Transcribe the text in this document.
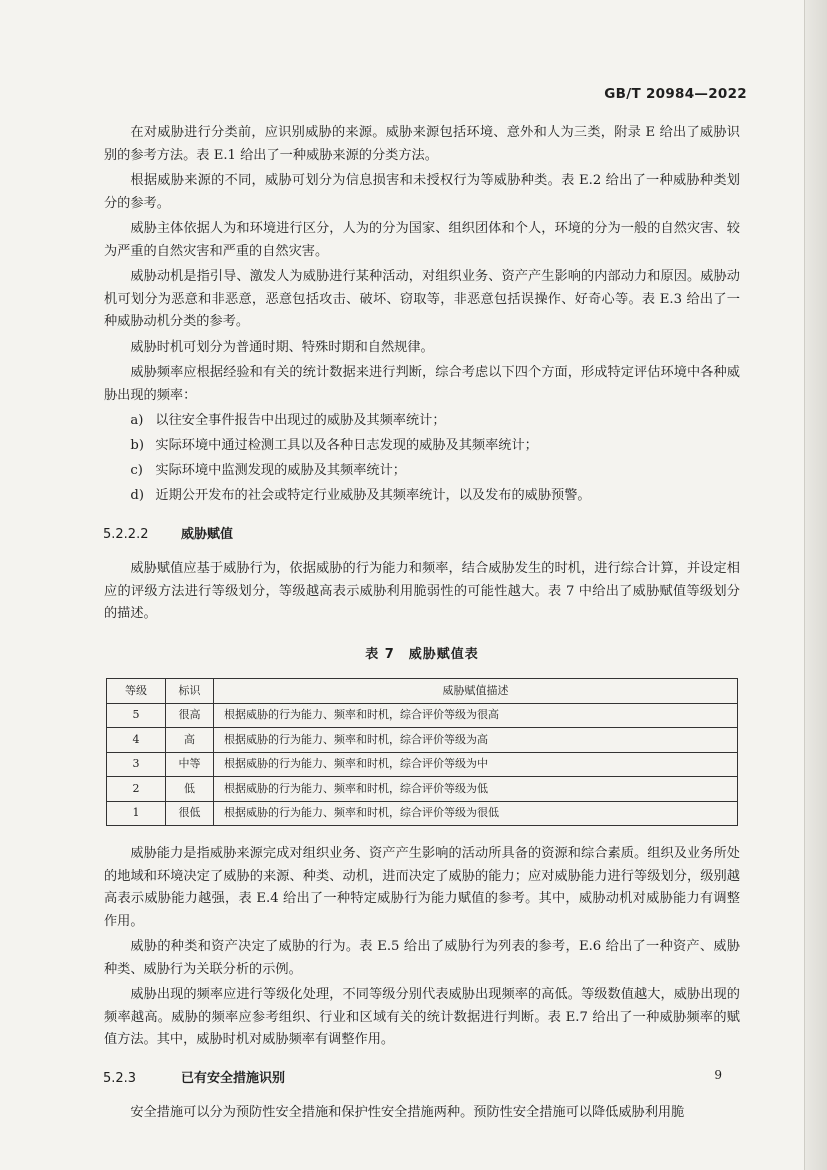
GB/T 20984—2022

在对威胁进行分类前，应识别威胁的来源。威胁来源包括环境、意外和人为三类，附录 E 给出了威胁识别的参考方法。表 E.1 给出了一种威胁来源的分类方法。

根据威胁来源的不同，威胁可划分为信息损害和未授权行为等威胁种类。表 E.2 给出了一种威胁种类划分的参考。

威胁主体依据人为和环境进行区分，人为的分为国家、组织团体和个人，环境的分为一般的自然灾害、较为严重的自然灾害和严重的自然灾害。

威胁动机是指引导、激发人为威胁进行某种活动，对组织业务、资产产生影响的内部动力和原因。威胁动机可划分为恶意和非恶意，恶意包括攻击、破坏、窃取等，非恶意包括误操作、好奇心等。表 E.3 给出了一种威胁动机分类的参考。

威胁时机可划分为普通时期、特殊时期和自然规律。

威胁频率应根据经验和有关的统计数据来进行判断，综合考虑以下四个方面，形成特定评估环境中各种威胁出现的频率：

a) 以往安全事件报告中出现过的威胁及其频率统计；
b) 实际环境中通过检测工具以及各种日志发现的威胁及其频率统计；
c) 实际环境中监测发现的威胁及其频率统计；
d) 近期公开发布的社会或特定行业威胁及其频率统计，以及发布的威胁预警。
5.2.2.2	威胁赋值

威胁赋值应基于威胁行为，依据威胁的行为能力和频率，结合威胁发生的时机，进行综合计算，并设定相应的评级方法进行等级划分，等级越高表示威胁利用脆弱性的可能性越大。表 7 中给出了威胁赋值等级划分的描述。

表 7 威胁赋值表
等级	标识	威胁赋值描述
5	很高	根据威胁的行为能力、频率和时机，综合评价等级为很高
4	高	根据威胁的行为能力、频率和时机，综合评价等级为高
3	中等	根据威胁的行为能力、频率和时机，综合评价等级为中
2	低	根据威胁的行为能力、频率和时机，综合评价等级为低
1	很低	根据威胁的行为能力、频率和时机，综合评价等级为很低

威胁能力是指威胁来源完成对组织业务、资产产生影响的活动所具备的资源和综合素质。组织及业务所处的地域和环境决定了威胁的来源、种类、动机，进而决定了威胁的能力；应对威胁能力进行等级划分，级别越高表示威胁能力越强，表 E.4 给出了一种特定威胁行为能力赋值的参考。其中，威胁动机对威胁能力有调整作用。

威胁的种类和资产决定了威胁的行为。表 E.5 给出了威胁行为列表的参考，E.6 给出了一种资产、威胁种类、威胁行为关联分析的示例。

威胁出现的频率应进行等级化处理，不同等级分别代表威胁出现频率的高低。等级数值越大，威胁出现的频率越高。威胁的频率应参考组织、行业和区域有关的统计数据进行判断。表 E.7 给出了一种威胁频率的赋值方法。其中，威胁时机对威胁频率有调整作用。

5.2.3	已有安全措施识别

安全措施可以分为预防性安全措施和保护性安全措施两种。预防性安全措施可以降低威胁利用脆

9
